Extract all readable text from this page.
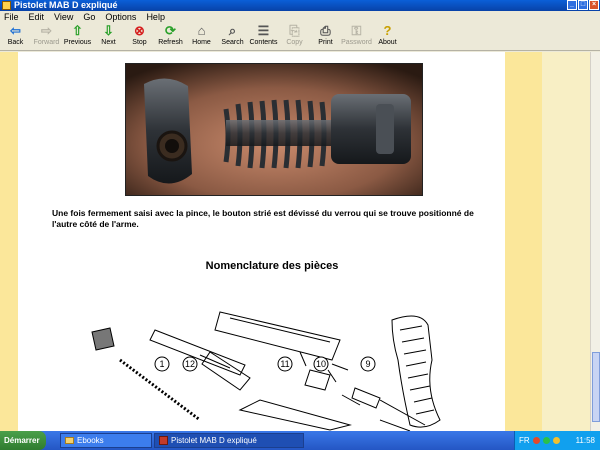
Pistolet MAB D expliqué	_ □ ×
File Edit View Go Options Help
⇦
Back
⇨
Forward
⇧
Previous
⇩
Next
⊗
Stop
⟳
Refresh
⌂
Home
⌕
Search
☰
Contents
⎘
Copy
⎙
Print
⚿
Password
?
About

Une fois fermement saisi avec la pince, le bouton strié est dévissé du verrou qui se trouve positionné de l'autre côté de l'arme.

Nomenclature des pièces
1 12	11	10	9
Démarrer	Ebooks	Pistolet MAB D expliqué	FR	11:58
